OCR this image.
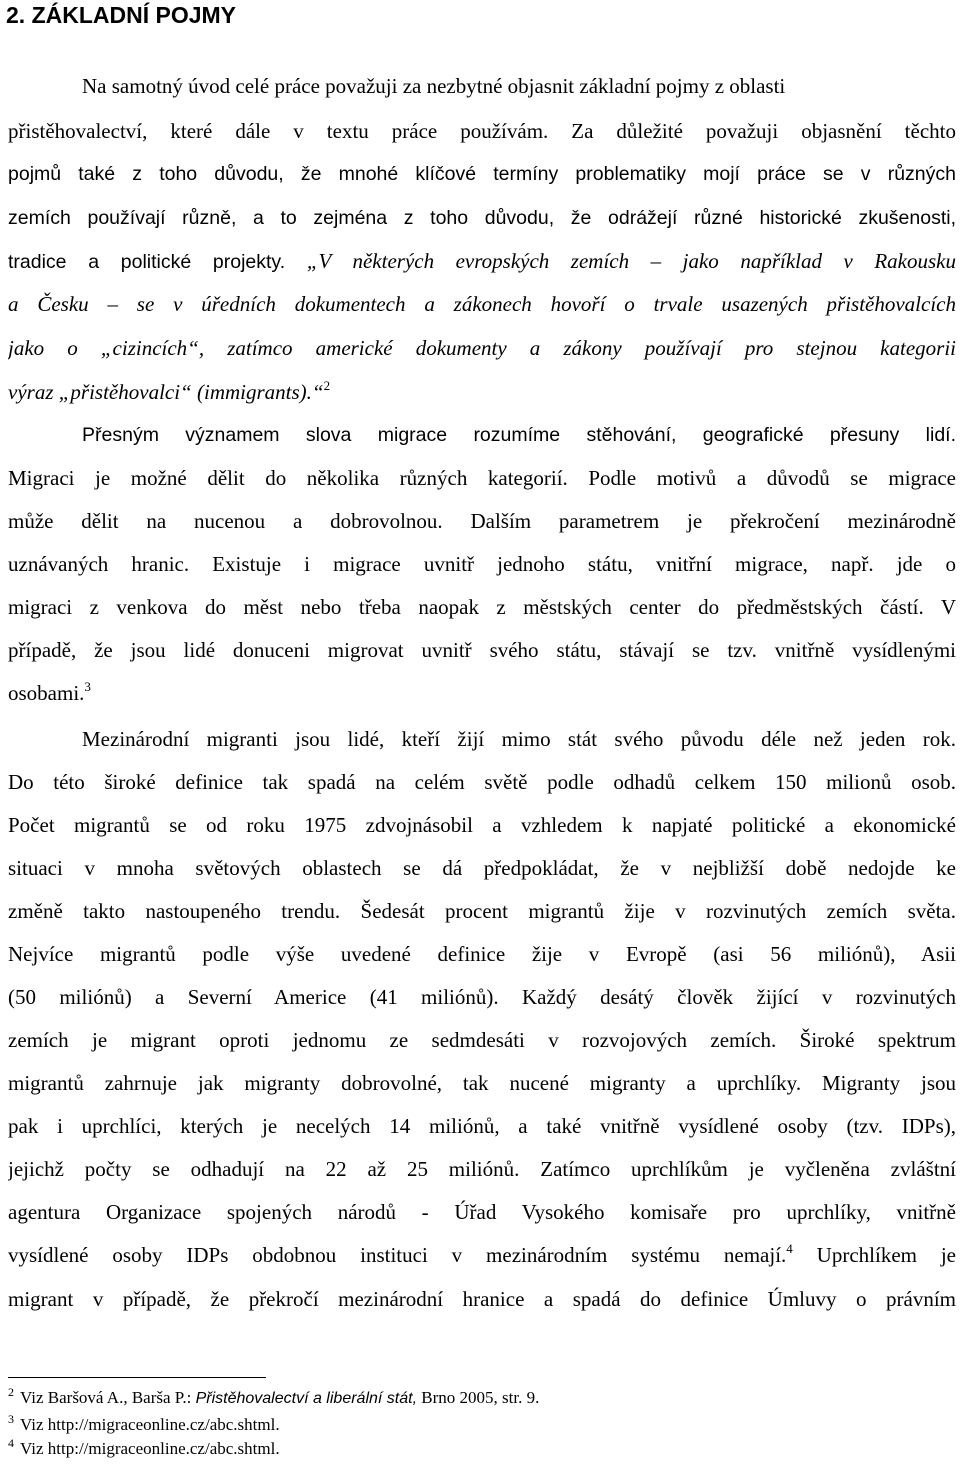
2. ZÁKLADNÍ POJMY

Na samotný úvod celé práce považuji za nezbytné objasnit základní pojmy z oblasti

přistěhovalectví, které dále v textu práce používám. Za důležité považuji objasnění těchto

pojmů také z toho důvodu, že mnohé klíčové termíny problematiky mojí práce se v různých

zemích používají různě, a to zejména z toho důvodu, že odrážejí různé historické zkušenosti,

tradice a politické projekty. „V některých evropských zemích – jako například v Rakousku

a Česku – se v úředních dokumentech a zákonech hovoří o trvale usazených přistěhovalcích

jako o „cizincích“, zatímco americké dokumenty a zákony používají pro stejnou kategorii

výraz „přistěhovalci“ (immigrants).“$^2$

Přesným významem slova migrace rozumíme stěhování, geografické přesuny lidí.

Migraci je možné dělit do několika různých kategorií. Podle motivů a důvodů se migrace

může dělit na nucenou a dobrovolnou. Dalším parametrem je překročení mezinárodně

uznávaných hranic. Existuje i migrace uvnitř jednoho státu, vnitřní migrace, např. jde o

migraci z venkova do měst nebo třeba naopak z městských center do předměstských částí. V

případě, že jsou lidé donuceni migrovat uvnitř svého státu, stávají se tzv. vnitřně vysídlenými

osobami.$^3$

Mezinárodní migranti jsou lidé, kteří žijí mimo stát svého původu déle než jeden rok.

Do této široké definice tak spadá na celém světě podle odhadů celkem 150 milionů osob.

Počet migrantů se od roku 1975 zdvojnásobil a vzhledem k napjaté politické a ekonomické

situaci v mnoha světových oblastech se dá předpokládat, že v nejbližší době nedojde ke

změně takto nastoupeného trendu. Šedesát procent migrantů žije v rozvinutých zemích světa.

Nejvíce migrantů podle výše uvedené definice žije v Evropě (asi 56 miliónů), Asii

(50 miliónů) a Severní Americe (41 miliónů). Každý desátý člověk žijící v rozvinutých

zemích je migrant oproti jednomu ze sedmdesáti v rozvojových zemích. Široké spektrum

migrantů zahrnuje jak migranty dobrovolné, tak nucené migranty a uprchlíky. Migranty jsou

pak i uprchlíci, kterých je necelých 14 miliónů, a také vnitřně vysídlené osoby (tzv. IDPs),

jejichž počty se odhadují na 22 až 25 miliónů. Zatímco uprchlíkům je vyčleněna zvláštní

agentura Organizace spojených národů - Úřad Vysokého komisaře pro uprchlíky, vnitřně

vysídlené osoby IDPs obdobnou instituci v mezinárodním systému nemají.$^4$ Uprchlíkem je

migrant v případě, že překročí mezinárodní hranice a spadá do definice Úmluvy o právním

$^2$ Viz Baršová A., Barša P.: Přistěhovalectví a liberální stát, Brno 2005, str. 9.

$^3$ Viz http://migraceonline.cz/abc.shtml.

$^4$ Viz http://migraceonline.cz/abc.shtml.
